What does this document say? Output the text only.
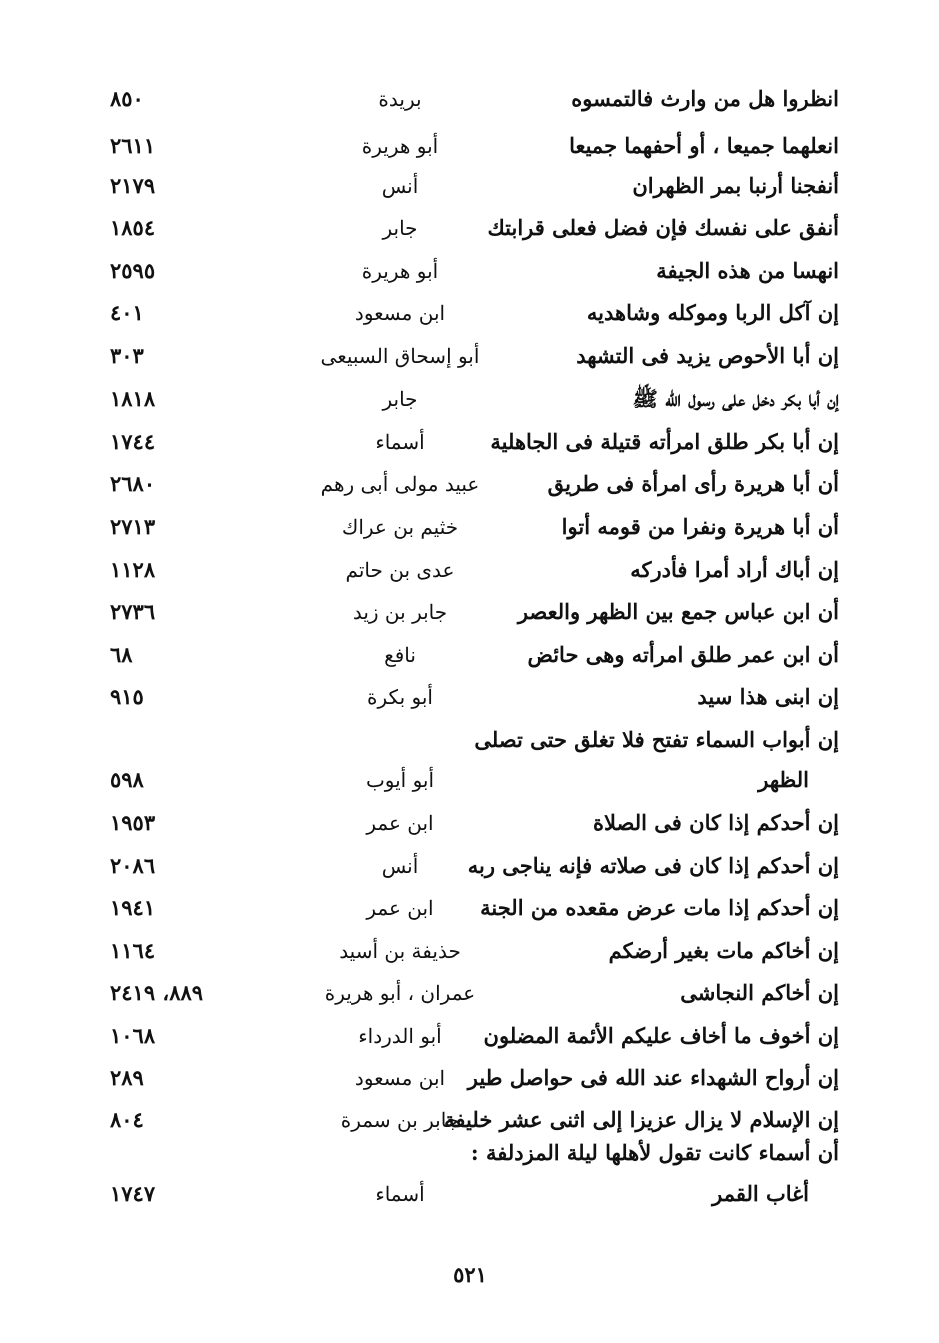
انظروا هل من وارث فالتمسوه
بريدة
٨٥٠
انعلهما جميعا ، أو أحفهما جميعا
أبو هريرة
٢٦١١
أنفجنا أرنبا بمر الظهران
أنس
٢١٧٩
أنفق على نفسك فإن فضل فعلى قرابتك
جابر
١٨٥٤
انهسا من هذه الجيفة
أبو هريرة
٢٥٩٥
إن آكل الربا وموكله وشاهديه
ابن مسعود
٤٠١
إن أبا الأحوص يزيد فى التشهد
أبو إسحاق السبيعى
٣٠٣
إن أبا بكر دخل على رسول الله ﷺ
جابر
١٨١٨
إن أبا بكر طلق امرأته قتيلة فى الجاهلية
أسماء
١٧٤٤
أن أبا هريرة رأى امرأة فى طريق
عبيد مولى أبى رهم
٢٦٨٠
أن أبا هريرة ونفرا من قومه أتوا
خثيم بن عراك
٢٧١٣
إن أباك أراد أمرا فأدركه
عدى بن حاتم
١١٢٨
أن ابن عباس جمع بين الظهر والعصر
جابر بن زيد
٢٧٣٦
أن ابن عمر طلق امرأته وهى حائض
نافع
٦٨
إن ابنى هذا سيد
أبو بكرة
٩١٥
إن أبواب السماء تفتح فلا تغلق حتى تصلى
الظهر
أبو أيوب
٥٩٨
إن أحدكم إذا كان فى الصلاة
ابن عمر
١٩٥٣
إن أحدكم إذا كان فى صلاته فإنه يناجى ربه
أنس
٢٠٨٦
إن أحدكم إذا مات عرض مقعده من الجنة
ابن عمر
١٩٤١
إن أخاكم مات بغير أرضكم
حذيفة بن أسيد
١١٦٤
إن أخاكم النجاشى
عمران ، أبو هريرة
٨٨٩، ٢٤١٩
إن أخوف ما أخاف عليكم الأئمة المضلون
أبو الدرداء
١٠٦٨
إن أرواح الشهداء عند الله فى حواصل طير
ابن مسعود
٢٨٩
إن الإسلام لا يزال عزيزا إلى اثنى عشر خليفة
جابر بن سمرة
٨٠٤
أن أسماء كانت تقول لأهلها ليلة المزدلفة :
أغاب القمر
أسماء
١٧٤٧
٥٢١
